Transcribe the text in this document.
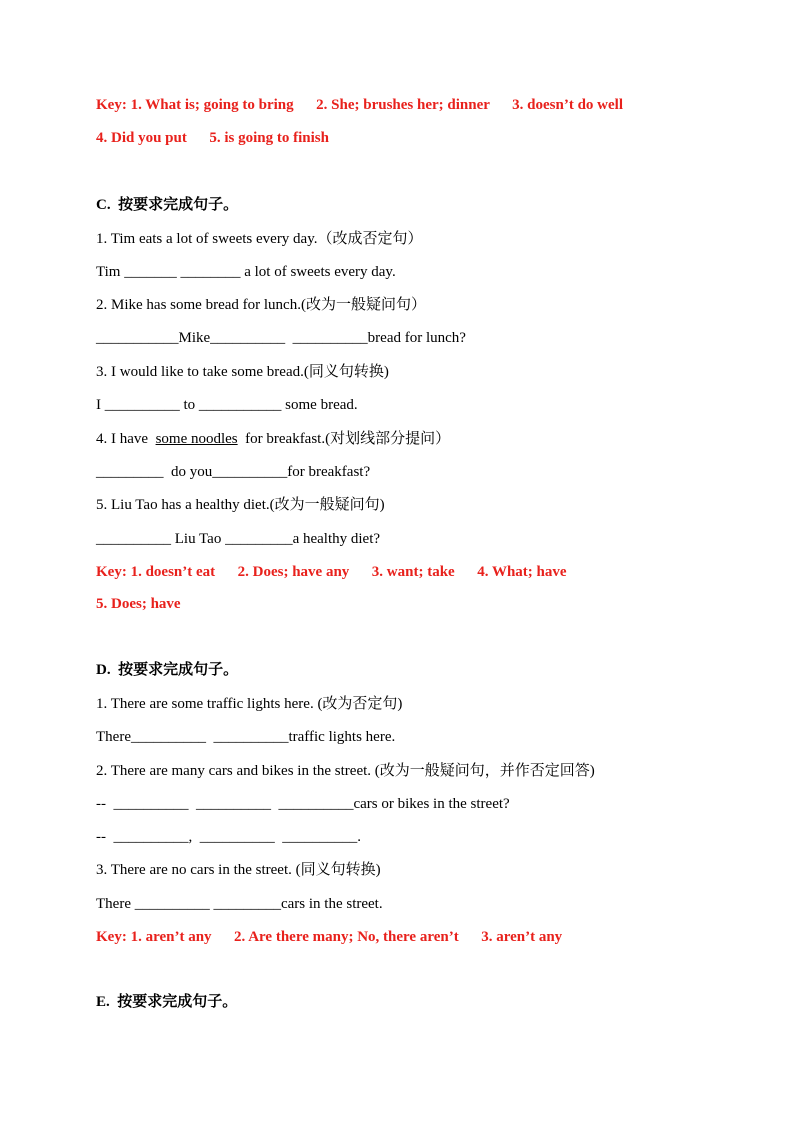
Key: 1. What is; going to bring      2. She; brushes her; dinner      3. doesn’t do well
4. Did you put      5. is going to finish
C.  按要求完成句子。
1. Tim eats a lot of sweets every day.（改成否定句）
Tim _______ ________ a lot of sweets every day.
2. Mike has some bread for lunch.(改为一般疑问句）
___________Mike__________  __________bread for lunch?
3. I would like to take some bread.(同义句转换)
I __________ to ___________ some bread.
4. I have  some noodles  for breakfast.(对划线部分提问）
_________  do you__________for breakfast?
5. Liu Tao has a healthy diet.(改为一般疑问句)
__________ Liu Tao _________a healthy diet?
Key: 1. doesn’t eat      2. Does; have any      3. want; take      4. What; have
5. Does; have
D.  按要求完成句子。
1. There are some traffic lights here. (改为否定句)
There__________  __________traffic lights here.
2. There are many cars and bikes in the street. (改为一般疑问句，并作否定回答)
--  __________  __________  __________cars or bikes in the street?
--  __________,  __________  __________.
3. There are no cars in the street. (同义句转换)
There __________ _________cars in the street.
Key: 1. aren’t any      2. Are there many; No, there aren’t      3. aren’t any
E.  按要求完成句子。
